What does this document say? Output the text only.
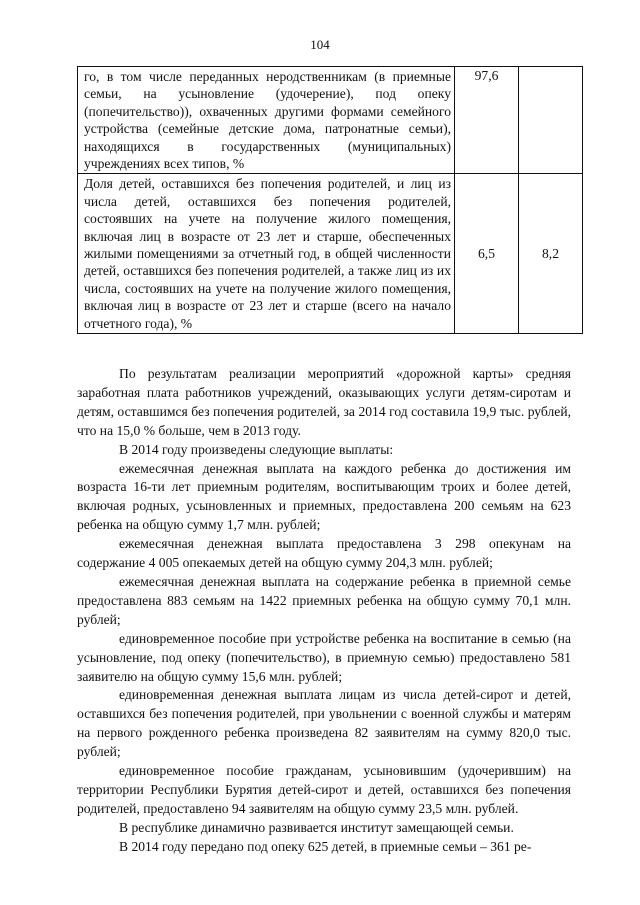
104
го, в том числе переданных неродственникам (в приемные семьи, на усыновление (удочерение), под опеку (попечительство)), охваченных другими формами семейного устройства (семейные детские дома, патронатные семьи), находящихся в государственных (муниципальных) учреждениях всех типов, %	97,6	
Доля детей, оставшихся без попечения родителей, и лиц из числа детей, оставшихся без попечения родителей, состоявших на учете на получение жилого помещения, включая лиц в возрасте от 23 лет и старше, обеспеченных жилыми помещениями за отчетный год, в общей численности детей, оставшихся без попечения родителей, а также лиц из их числа, состоявших на учете на получение жилого помещения, включая лиц в возрасте от 23 лет и старше (всего на начало отчетного года), %	6,5	8,2

По результатам реализации мероприятий «дорожной карты» средняя заработная плата работников учреждений, оказывающих услуги детям-сиротам и детям, оставшимся без попечения родителей, за 2014 год составила 19,9 тыс. рублей, что на 15,0 % больше, чем в 2013 году.

В 2014 году произведены следующие выплаты:

ежемесячная денежная выплата на каждого ребенка до достижения им возраста 16-ти лет приемным родителям, воспитывающим троих и более детей, включая родных, усыновленных и приемных, предоставлена 200 семьям на 623 ребенка на общую сумму 1,7 млн. рублей;

ежемесячная денежная выплата предоставлена 3 298 опекунам на содержание 4 005 опекаемых детей на общую сумму 204,3 млн. рублей;

ежемесячная денежная выплата на содержание ребенка в приемной семье предоставлена 883 семьям на 1422 приемных ребенка на общую сумму 70,1 млн. рублей;

единовременное пособие при устройстве ребенка на воспитание в семью (на усыновление, под опеку (попечительство), в приемную семью) предоставлено 581 заявителю на общую сумму 15,6 млн. рублей;

единовременная денежная выплата лицам из числа детей-сирот и детей, оставшихся без попечения родителей, при увольнении с военной службы и матерям на первого рожденного ребенка произведена 82 заявителям на сумму 820,0 тыс. рублей;

единовременное пособие гражданам, усыновившим (удочерившим) на территории Республики Бурятия детей-сирот и детей, оставшихся без попечения родителей, предоставлено 94 заявителям на общую сумму 23,5 млн. рублей.

В республике динамично развивается институт замещающей семьи.

В 2014 году передано под опеку 625 детей, в приемные семьи – 361 ре-
